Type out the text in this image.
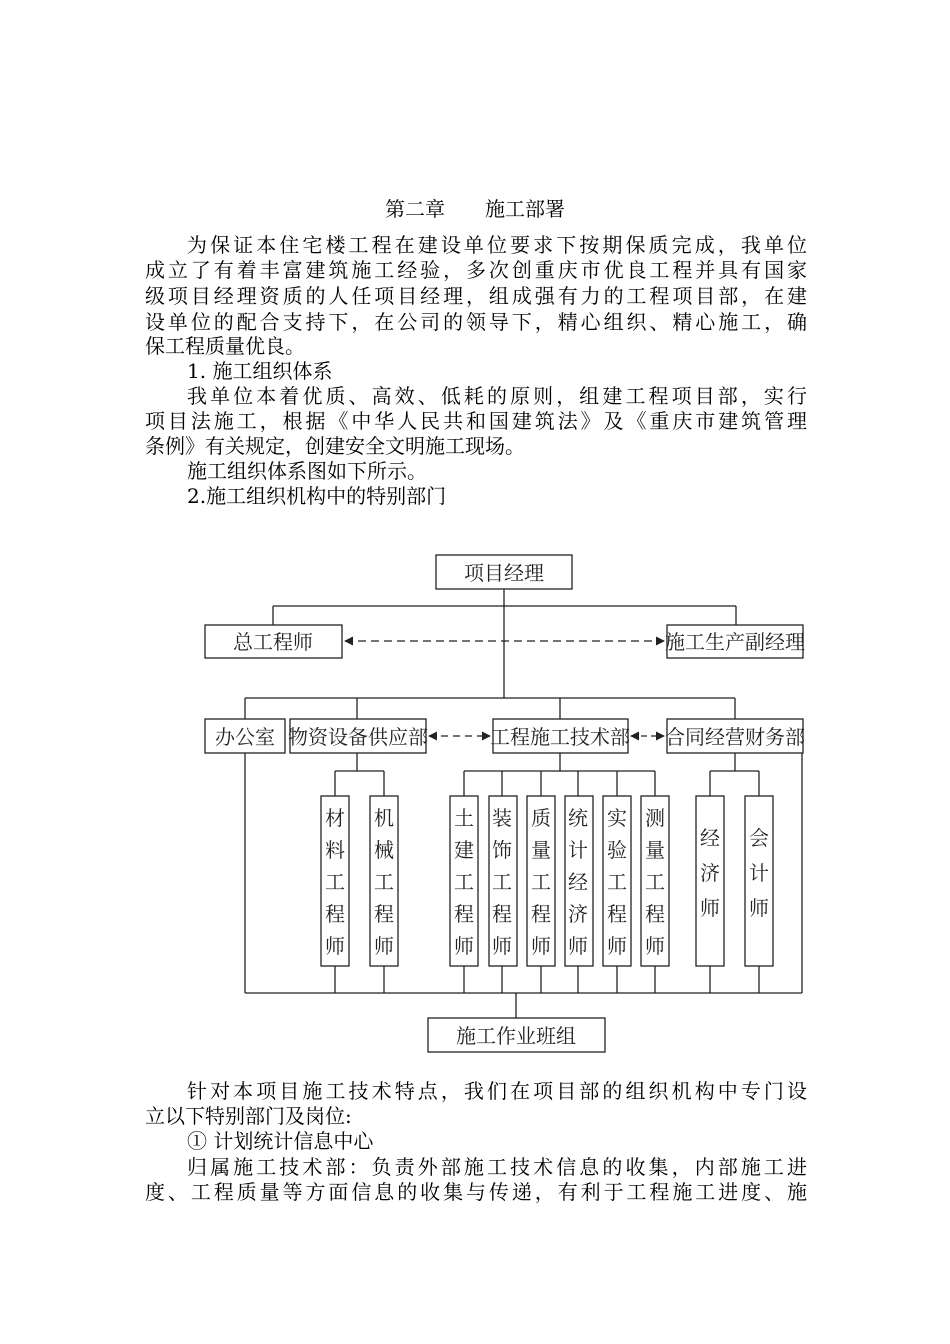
第二章　　施工部署
为保证本住宅楼工程在建设单位要求下按期保质完成，我单位
成立了有着丰富建筑施工经验，多次创重庆市优良工程并具有国家
级项目经理资质的人任项目经理，组成强有力的工程项目部，在建
设单位的配合支持下，在公司的领导下，精心组织、精心施工，确
保工程质量优良。
1. 施工组织体系
我单位本着优质、高效、低耗的原则，组建工程项目部，实行
项目法施工，根据《中华人民共和国建筑法》及《重庆市建筑管理
条例》有关规定，创建安全文明施工现场。
施工组织体系图如下所示。
2.施工组织机构中的特别部门
项目经理
总工程师	施工生产副经理
办公室 物资设备供应部	工程施工技术部 合同经营财务部
施工作业班组
材料工程师
机械工程师
土建工程师
装饰工程师
质量工程师
统计经济师
实验工程师
测量工程师
经济师
会计师
针对本项目施工技术特点，我们在项目部的组织机构中专门设
立以下特别部门及岗位:
① 计划统计信息中心
归属施工技术部：负责外部施工技术信息的收集，内部施工进
度、工程质量等方面信息的收集与传递，有利于工程施工进度、施
